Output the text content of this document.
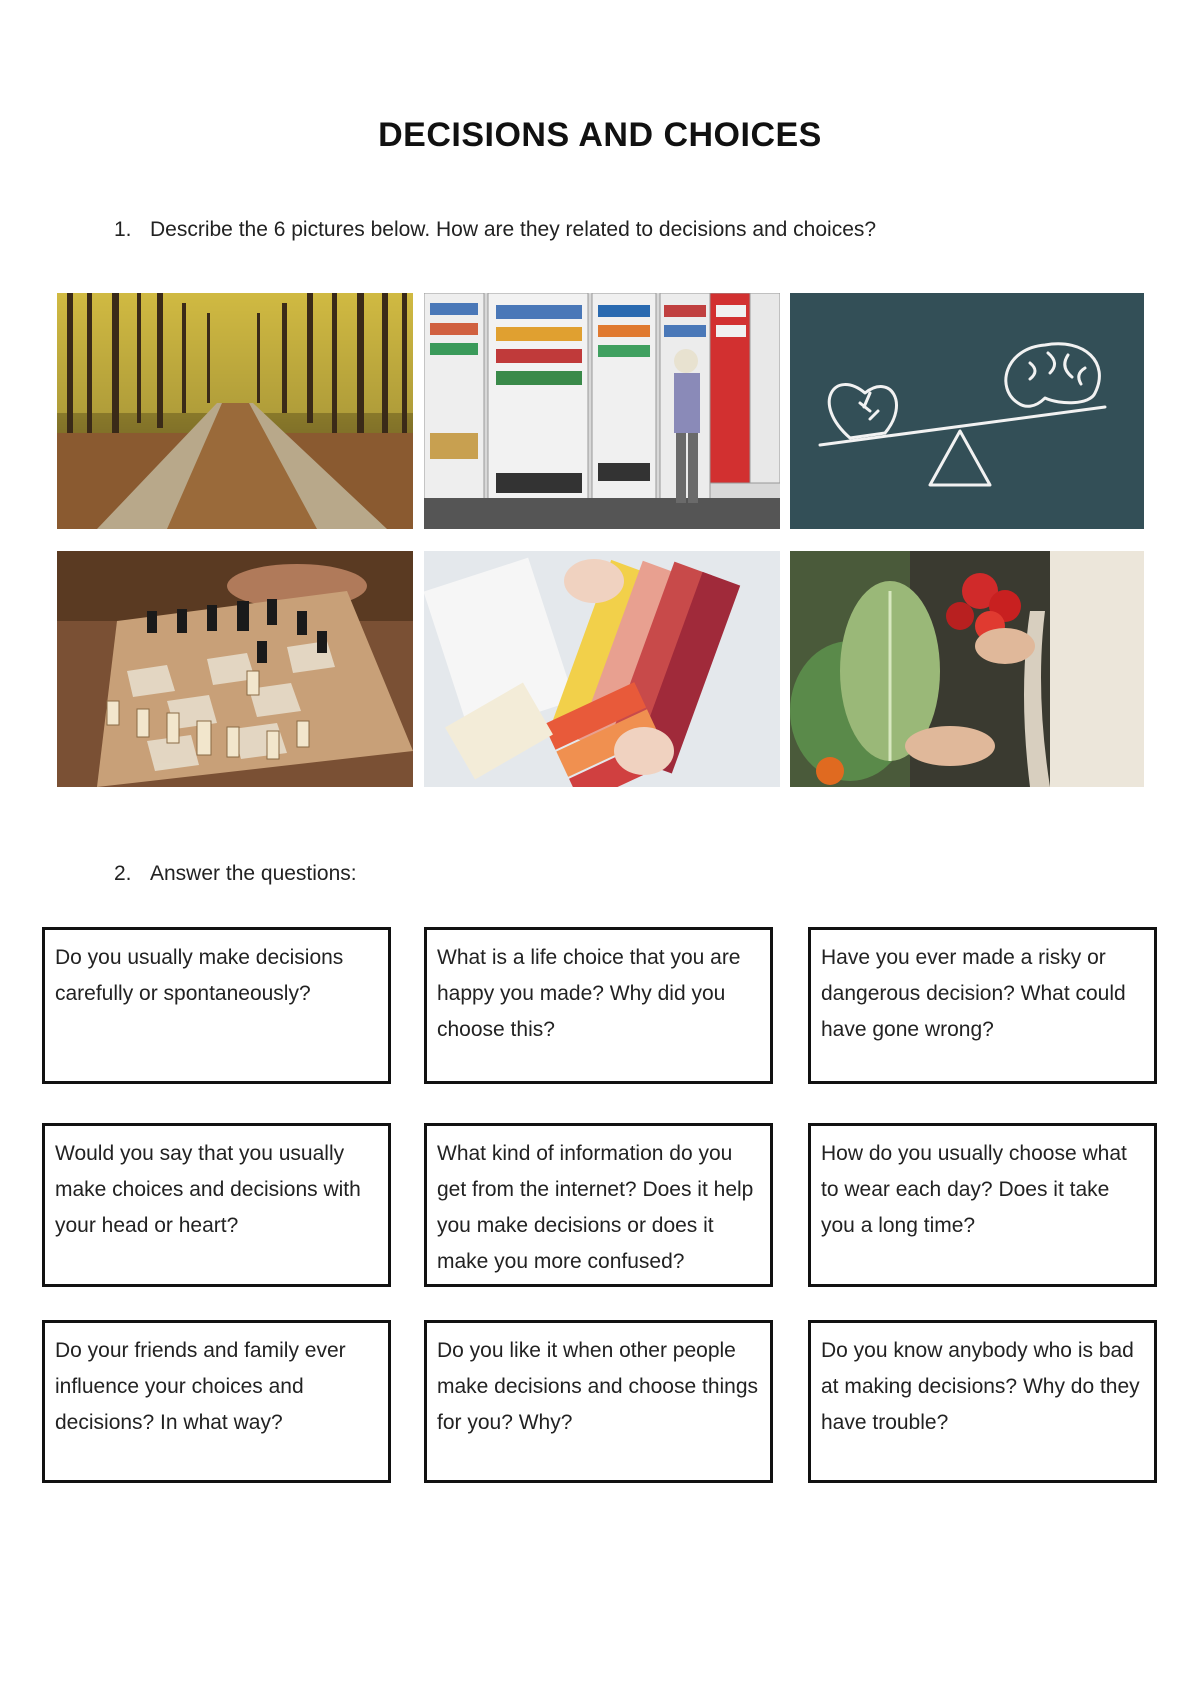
DECISIONS AND CHOICES
1. Describe the 6 pictures below. How are they related to decisions and choices?
2. Answer the questions:
Do you usually make decisions carefully or spontaneously?
What is a life choice that you are happy you made? Why did you choose this?
Have you ever made a risky or dangerous decision? What could have gone wrong?
Would you say that you usually make choices and decisions with your head or heart?
What kind of information do you get from the internet? Does it help you make decisions or does it make you more confused?
How do you usually choose what to wear each day? Does it take you a long time?
Do your friends and family ever influence your choices and decisions? In what way?
Do you like it when other people make decisions and choose things for you? Why?
Do you know anybody who is bad at making decisions? Why do they have trouble?
